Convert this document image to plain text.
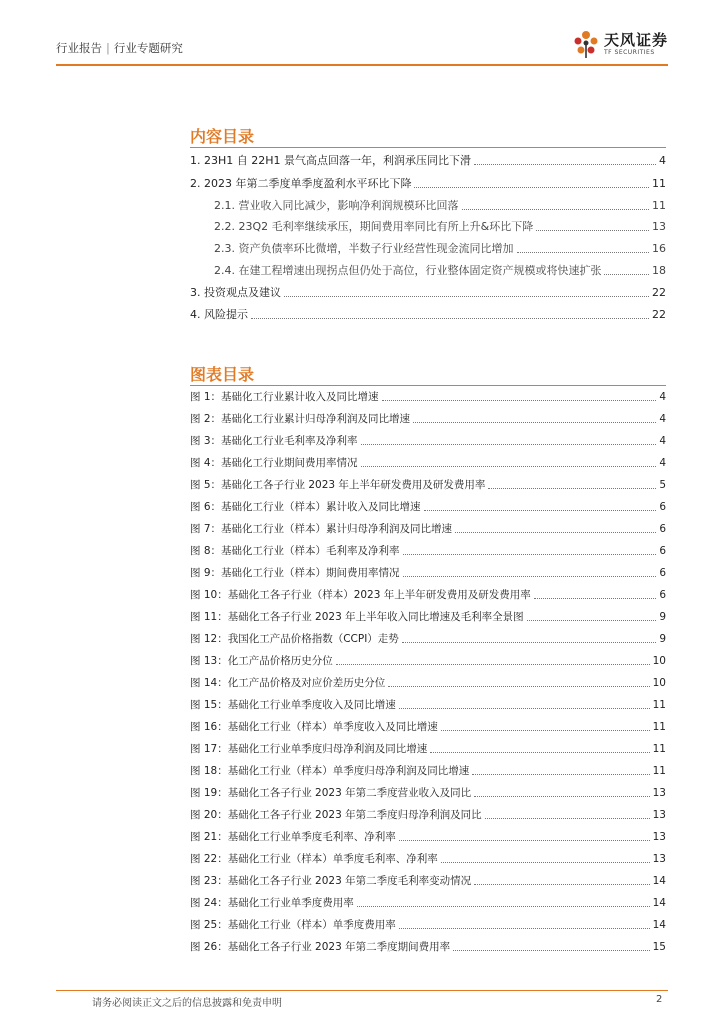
行业报告 | 行业专题研究	天风证券
TF SECURITIES
内容目录
1. 23H1 自 22H1 景气高点回落一年，利润承压同比下滑	4
2. 2023 年第二季度单季度盈利水平环比下降	11
2.1. 营业收入同比减少，影响净利润规模环比回落	11
2.2. 23Q2 毛利率继续承压，期间费用率同比有所上升&环比下降	13
2.3. 资产负债率环比微增，半数子行业经营性现金流同比增加	16
2.4. 在建工程增速出现拐点但仍处于高位，行业整体固定资产规模或将快速扩张	18
3. 投资观点及建议	22
4. 风险提示	22
图表目录
图 1：基础化工行业累计收入及同比增速	4
图 2：基础化工行业累计归母净利润及同比增速	4
图 3：基础化工行业毛利率及净利率	4
图 4：基础化工行业期间费用率情况	4
图 5：基础化工各子行业 2023 年上半年研发费用及研发费用率	5
图 6：基础化工行业（样本）累计收入及同比增速	6
图 7：基础化工行业（样本）累计归母净利润及同比增速	6
图 8：基础化工行业（样本）毛利率及净利率	6
图 9：基础化工行业（样本）期间费用率情况	6
图 10：基础化工各子行业（样本）2023 年上半年研发费用及研发费用率	6
图 11：基础化工各子行业 2023 年上半年收入同比增速及毛利率全景图	9
图 12：我国化工产品价格指数（CCPI）走势	9
图 13：化工产品价格历史分位	10
图 14：化工产品价格及对应价差历史分位	10
图 15：基础化工行业单季度收入及同比增速	11
图 16：基础化工行业（样本）单季度收入及同比增速	11
图 17：基础化工行业单季度归母净利润及同比增速	11
图 18：基础化工行业（样本）单季度归母净利润及同比增速	11
图 19：基础化工各子行业 2023 年第二季度营业收入及同比	13
图 20：基础化工各子行业 2023 年第二季度归母净利润及同比	13
图 21：基础化工行业单季度毛利率、净利率	13
图 22：基础化工行业（样本）单季度毛利率、净利率	13
图 23：基础化工各子行业 2023 年第二季度毛利率变动情况	14
图 24：基础化工行业单季度费用率	14
图 25：基础化工行业（样本）单季度费用率	14
图 26：基础化工各子行业 2023 年第二季度期间费用率	15
请务必阅读正文之后的信息披露和免责申明	2
